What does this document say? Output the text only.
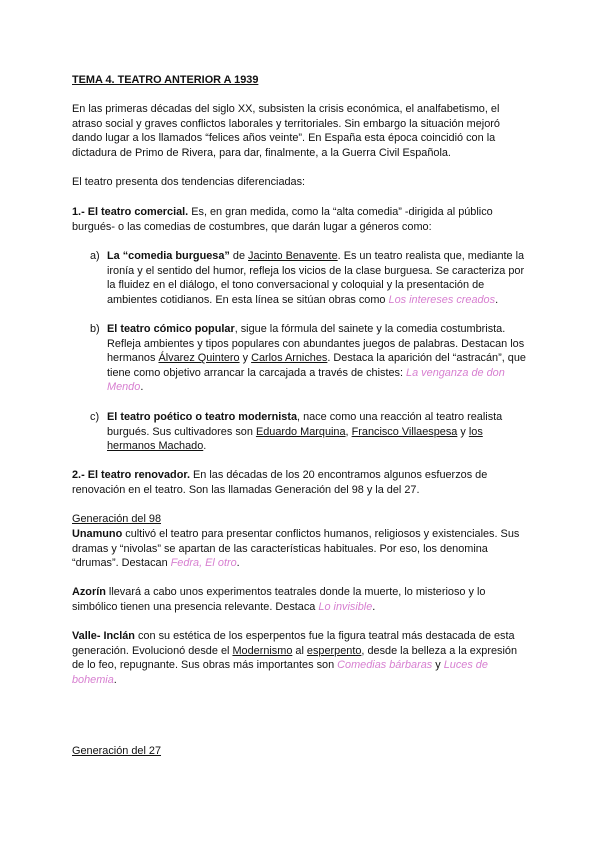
TEMA 4. TEATRO ANTERIOR A 1939

En las primeras décadas del siglo XX, subsisten la crisis económica, el analfabetismo, el atraso social y graves conflictos laborales y territoriales. Sin embargo la situación mejoró dando lugar a los llamados “felices años veinte”. En España esta época coincidió con la dictadura de Primo de Rivera, para dar, finalmente, a la Guerra Civil Española.

El teatro presenta dos tendencias diferenciadas:

1.- El teatro comercial. Es, en gran medida, como la “alta comedia” -dirigida al público burgués- o las comedias de costumbres, que darán lugar a géneros como:

a) La “comedia burguesa” de Jacinto Benavente. Es un teatro realista que, mediante la ironía y el sentido del humor, refleja los vicios de la clase burguesa. Se caracteriza por la fluidez en el diálogo, el tono conversacional y coloquial y la presentación de ambientes cotidianos. En esta línea se sitúan obras como Los intereses creados.
b) El teatro cómico popular, sigue la fórmula del sainete y la comedia costumbrista. Refleja ambientes y tipos populares con abundantes juegos de palabras. Destacan los hermanos Álvarez Quintero y Carlos Arniches. Destaca la aparición del “astracán”, que tiene como objetivo arrancar la carcajada a través de chistes: La venganza de don Mendo.
c) El teatro poético o teatro modernista, nace como una reacción al teatro realista burgués. Sus cultivadores son Eduardo Marquina, Francisco Villaespesa y los hermanos Machado.

2.- El teatro renovador. En las décadas de los 20 encontramos algunos esfuerzos de renovación en el teatro. Son las llamadas Generación del 98 y la del 27.

Generación del 98

Unamuno cultivó el teatro para presentar conflictos humanos, religiosos y existenciales. Sus dramas y “nivolas” se apartan de las características habituales. Por eso, los denomina “drumas”. Destacan Fedra, El otro.

Azorín llevará a cabo unos experimentos teatrales donde la muerte, lo misterioso y lo simbólico tienen una presencia relevante. Destaca Lo invisible.

Valle- Inclán con su estética de los esperpentos fue la figura teatral más destacada de esta generación. Evolucionó desde el Modernismo al esperpento, desde la belleza a la expresión de lo feo, repugnante. Sus obras más importantes son Comedias bárbaras y Luces de bohemia.

Generación del 27
